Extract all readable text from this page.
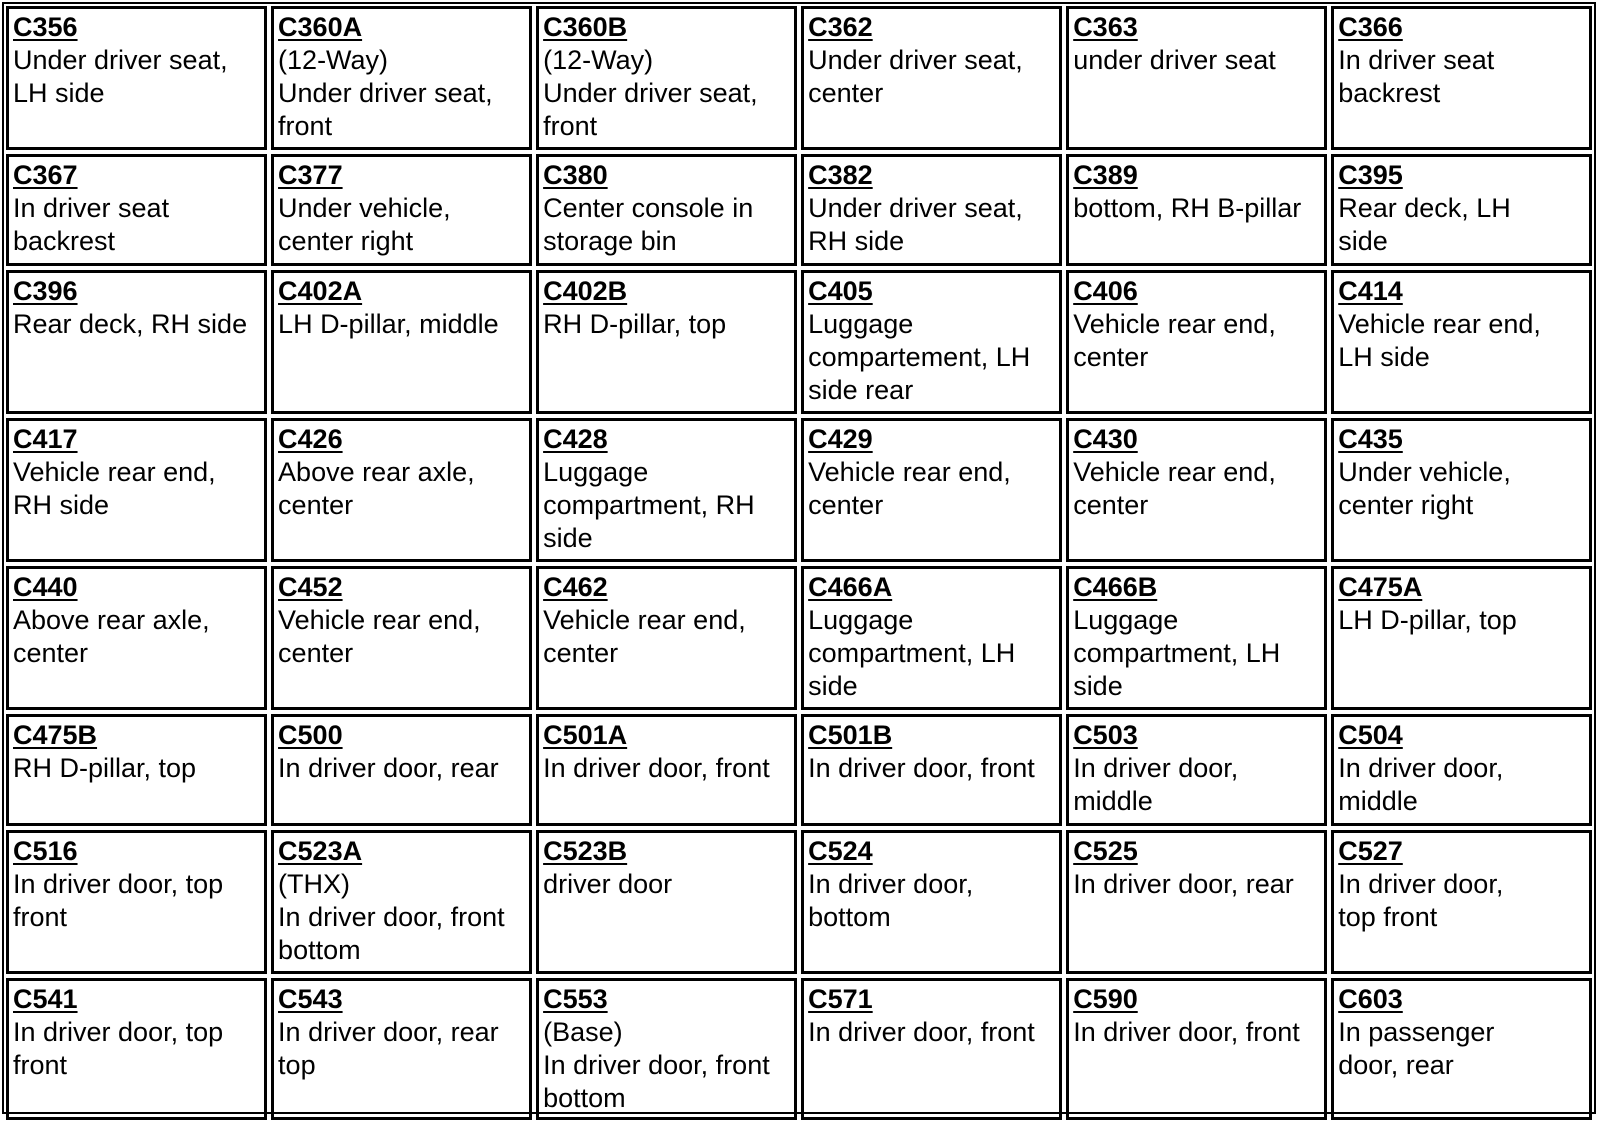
C356
Under driver seat,
LH side	C360A
(12-Way)
Under driver seat,
front	C360B
(12-Way)
Under driver seat,
front	C362
Under driver seat,
center	C363
under driver seat	C366
In driver seat
backrest

C367
In driver seat
backrest	C377
Under vehicle,
center right	C380
Center console in
storage bin	C382
Under driver seat,
RH side	C389
bottom, RH B-pillar	C395
Rear deck, LH
side

C396
Rear deck, RH side	C402A
LH D-pillar, middle	C402B
RH D-pillar, top	C405
Luggage
compartement, LH
side rear	C406
Vehicle rear end,
center	C414
Vehicle rear end,
LH side

C417
Vehicle rear end,
RH side	C426
Above rear axle,
center	C428
Luggage
compartment, RH
side	C429
Vehicle rear end,
center	C430
Vehicle rear end,
center	C435
Under vehicle,
center right

C440
Above rear axle,
center	C452
Vehicle rear end,
center	C462
Vehicle rear end,
center	C466A
Luggage
compartment, LH
side	C466B
Luggage
compartment, LH
side	C475A
LH D-pillar, top

C475B
RH D-pillar, top	C500
In driver door, rear	C501A
In driver door, front	C501B
In driver door, front	C503
In driver door,
middle	C504
In driver door,
middle

C516
In driver door, top
front	C523A
(THX)
In driver door, front
bottom	C523B
driver door	C524
In driver door,
bottom	C525
In driver door, rear	C527
In driver door,
top front

C541
In driver door, top
front	C543
In driver door, rear
top	C553
(Base)
In driver door, front
bottom	C571
In driver door, front	C590
In driver door, front	C603
In passenger
door, rear
